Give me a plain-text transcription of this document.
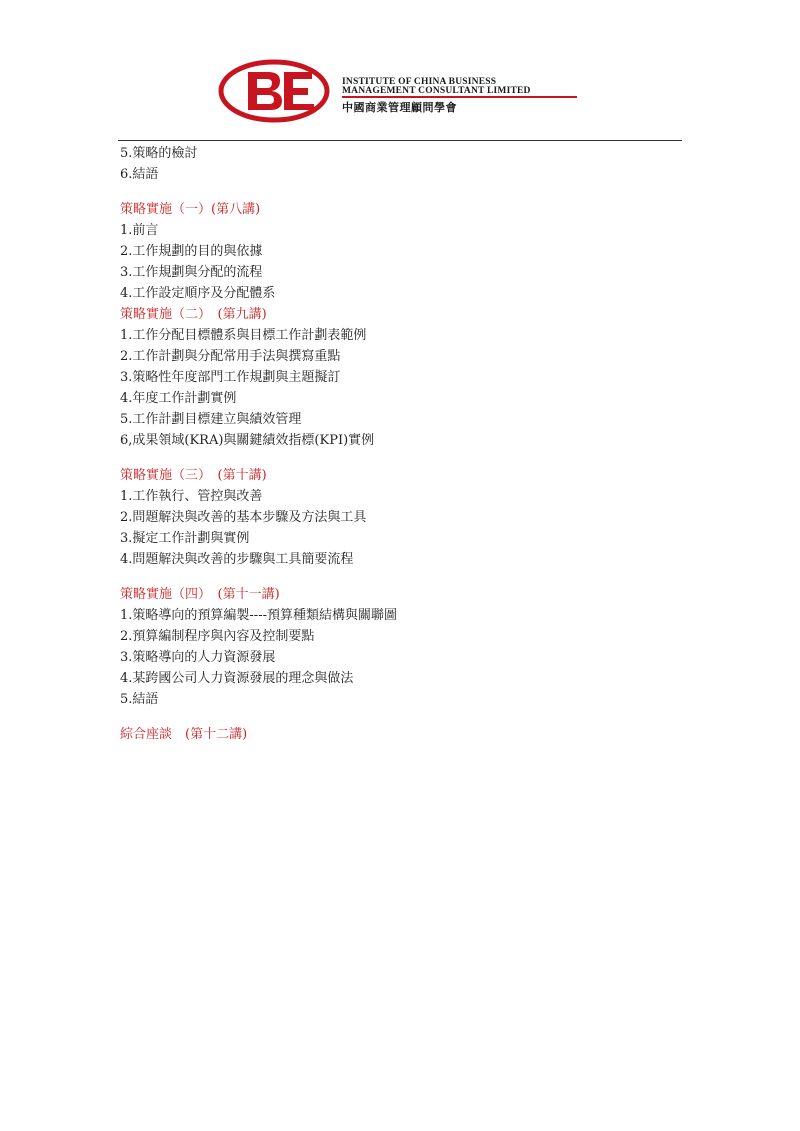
INSTITUTE OF CHINA BUSINESS
MANAGEMENT CONSULTANT LIMITED
中國商業管理顧問學會
5.策略的檢討
6.結語
策略實施（一）(第八講)
1.前言
2.工作規劃的目的與依據
3.工作規劃與分配的流程
4.工作設定順序及分配體系
策略實施（二）　(第九講)
1.工作分配目標體系與目標工作計劃表範例
2.工作計劃與分配常用手法與撰寫重點
3.策略性年度部門工作規劃與主題擬訂
4.年度工作計劃實例
5.工作計劃目標建立與績效管理
6,成果領域(KRA)與關鍵績效指標(KPI)實例
策略實施（三）　(第十講)
1.工作執行、管控與改善
2.問題解決與改善的基本步驟及方法與工具
3.擬定工作計劃與實例
4.問題解決與改善的步驟與工具簡要流程
策略實施（四）　(第十一講)
1.策略導向的預算編製----預算種類結構與關聯圖
2.預算編制程序與內容及控制要點
3.策略導向的人力資源發展
4.某跨國公司人力資源發展的理念與做法
5.結語
綜合座談　(第十二講)
